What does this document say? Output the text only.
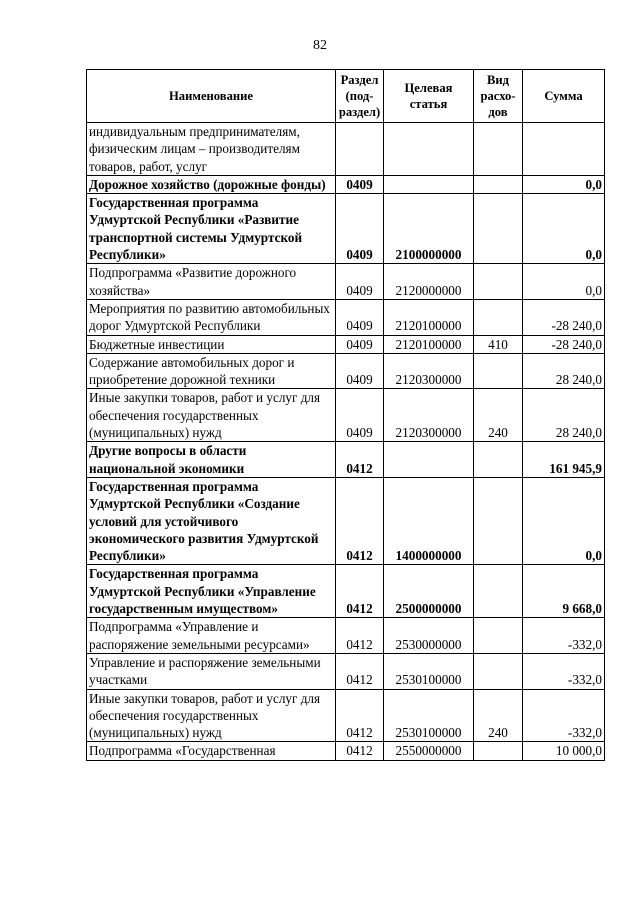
82
Наименование	Раздел (под-раздел)	Целевая статья	Вид расхо-дов	Сумма
индивидуальным предпринимателям, физическим лицам – производителям товаров, работ, услуг				
Дорожное хозяйство (дорожные фонды)	0409			0,0
Государственная программа Удмуртской Республики «Развитие транспортной системы Удмуртской Республики»	0409	2100000000		0,0
Подпрограмма «Развитие дорожного хозяйства»	0409	2120000000		0,0
Мероприятия по развитию автомобильных дорог Удмуртской Республики	0409	2120100000		-28 240,0
Бюджетные инвестиции	0409	2120100000	410	-28 240,0
Содержание автомобильных дорог и приобретение дорожной техники	0409	2120300000		28 240,0
Иные закупки товаров, работ и услуг для обеспечения государственных (муниципальных) нужд	0409	2120300000	240	28 240,0
Другие вопросы в области национальной экономики	0412			161 945,9
Государственная программа Удмуртской Республики «Создание условий для устойчивого экономического развития Удмуртской Республики»	0412	1400000000		0,0
Государственная программа Удмуртской Республики «Управление государственным имуществом»	0412	2500000000		9 668,0
Подпрограмма «Управление и распоряжение земельными ресурсами»	0412	2530000000		-332,0
Управление и распоряжение земельными участками	0412	2530100000		-332,0
Иные закупки товаров, работ и услуг для обеспечения государственных (муниципальных) нужд	0412	2530100000	240	-332,0
Подпрограмма «Государственная	0412	2550000000		10 000,0
